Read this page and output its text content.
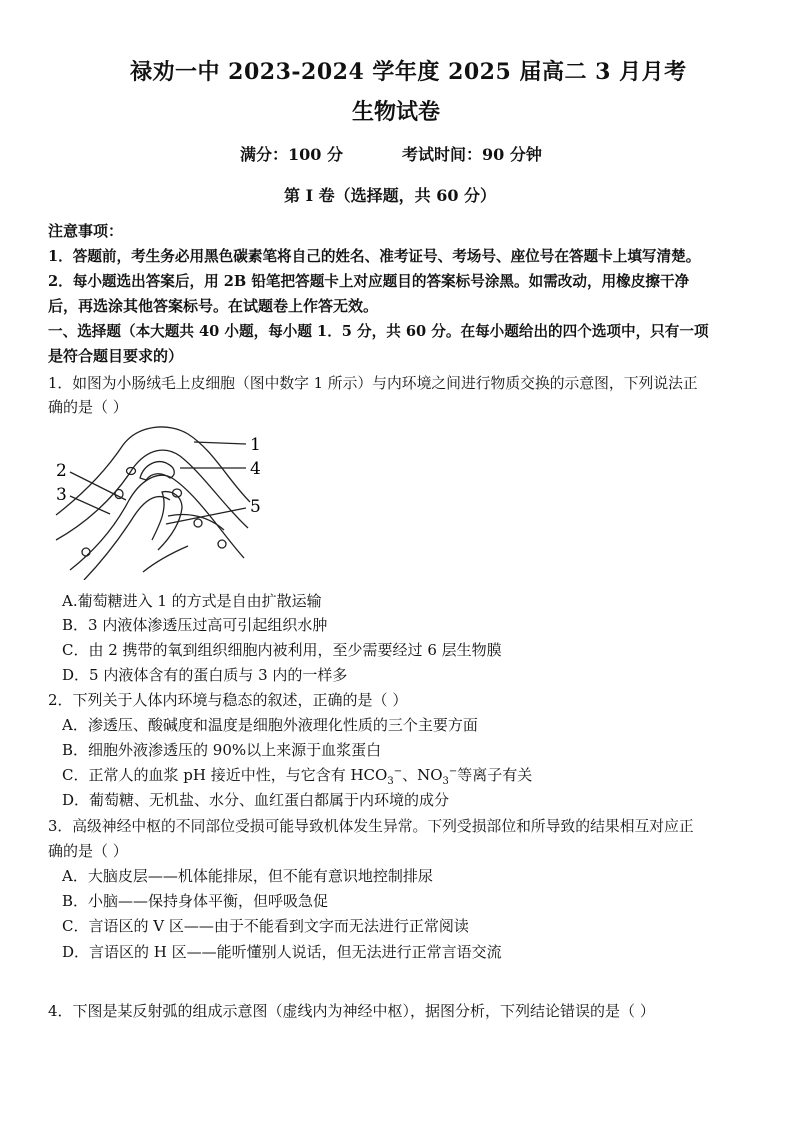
禄劝一中 2023-2024 学年度 2025 届高二 3 月月考
生物试卷
满分：100 分	考试时间：90 分钟
第 I 卷（选择题，共 60 分）
注意事项：
1．答题前，考生务必用黑色碳素笔将自己的姓名、准考证号、考场号、座位号在答题卡上填写清楚。
2．每小题选出答案后，用 2B 铅笔把答题卡上对应题目的答案标号涂黑。如需改动，用橡皮擦干净
后，再选涂其他答案标号。在试题卷上作答无效。
一、选择题（本大题共 40 小题，每小题 1．5 分，共 60 分。在每小题给出的四个选项中，只有一项
是符合题目要求的）
1．如图为小肠绒毛上皮细胞（图中数字 1 所示）与内环境之间进行物质交换的示意图，下列说法正
确的是（ ）
1
2
3
4
5
A.葡萄糖进入 1 的方式是自由扩散运输
B．3 内液体渗透压过高可引起组织水肿
C．由 2 携带的氧到组织细胞内被利用，至少需要经过 6 层生物膜
D．5 内液体含有的蛋白质与 3 内的一样多
2．下列关于人体内环境与稳态的叙述，正确的是（ ）
A．渗透压、酸碱度和温度是细胞外液理化性质的三个主要方面
B．细胞外液渗透压的 90%以上来源于血浆蛋白
C．正常人的血浆 pH 接近中性，与它含有 $HCO_3^-$、$NO_3^-$等离子有关
D．葡萄糖、无机盐、水分、血红蛋白都属于内环境的成分
3．高级神经中枢的不同部位受损可能导致机体发生异常。下列受损部位和所导致的结果相互对应正
确的是（ ）
A．大脑皮层——机体能排尿，但不能有意识地控制排尿
B．小脑——保持身体平衡，但呼吸急促
C．言语区的 V 区——由于不能看到文字而无法进行正常阅读
D．言语区的 H 区——能听懂别人说话，但无法进行正常言语交流
4．下图是某反射弧的组成示意图（虚线内为神经中枢），据图分析，下列结论错误的是（ ）
